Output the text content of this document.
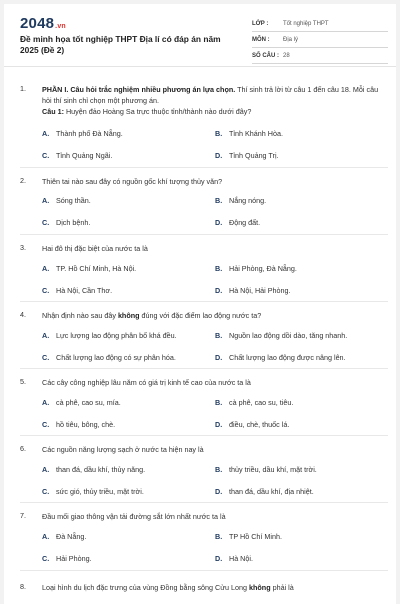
2048.vn
Đề minh họa tốt nghiệp THPT Địa lí có đáp án năm 2025 (Đề 2)
LỚP :	Tốt nghiệp THPT
MÔN :	Địa lý
SỐ CÂU : 28
1. PHẦN I. Câu hỏi trắc nghiệm nhiều phương án lựa chọn. Thí sinh trả lời từ câu 1 đến câu 18. Mỗi câu hỏi thí sinh chỉ chọn một phương án.
Câu 1: Huyện đảo Hoàng Sa trực thuộc tỉnh/thành nào dưới đây?
A. Thành phố Đà Nẵng.	B. Tỉnh Khánh Hòa.
C. Tỉnh Quảng Ngãi.	D. Tỉnh Quảng Trị.
2. Thiên tai nào sau đây có nguồn gốc khí tượng thủy văn?
A. Sóng thần.	B. Nắng nóng.
C. Dịch bệnh.	D. Động đất.
3. Hai đô thị đặc biệt của nước ta là
A. TP. Hồ Chí Minh, Hà Nội.	B. Hải Phòng, Đà Nẵng.
C. Hà Nội, Cần Thơ.	D. Hà Nội, Hải Phòng.
4. Nhận định nào sau đây không đúng với đặc điểm lao động nước ta?
A. Lực lượng lao động phân bố khá đều.	B. Nguồn lao động dồi dào, tăng nhanh.
C. Chất lượng lao động có sự phân hóa.	D. Chất lượng lao động được nâng lên.
5. Các cây công nghiệp lâu năm có giá trị kinh tế cao của nước ta là
A. cà phê, cao su, mía.	B. cà phê, cao su, tiêu.
C. hồ tiêu, bông, chè.	D. điều, chè, thuốc lá.
6. Các nguồn năng lượng sạch ở nước ta hiện nay là
A. than đá, dầu khí, thủy năng.	B. thủy triều, dầu khí, mặt trời.
C. sức gió, thủy triều, mặt trời.	D. than đá, dầu khí, địa nhiệt.
7. Đầu mối giao thông vận tải đường sắt lớn nhất nước ta là
A. Đà Nẵng.	B. TP Hồ Chí Minh.
C. Hải Phòng.	D. Hà Nội.
8. Loại hình du lịch đặc trưng của vùng Đồng bằng sông Cửu Long không phải là
